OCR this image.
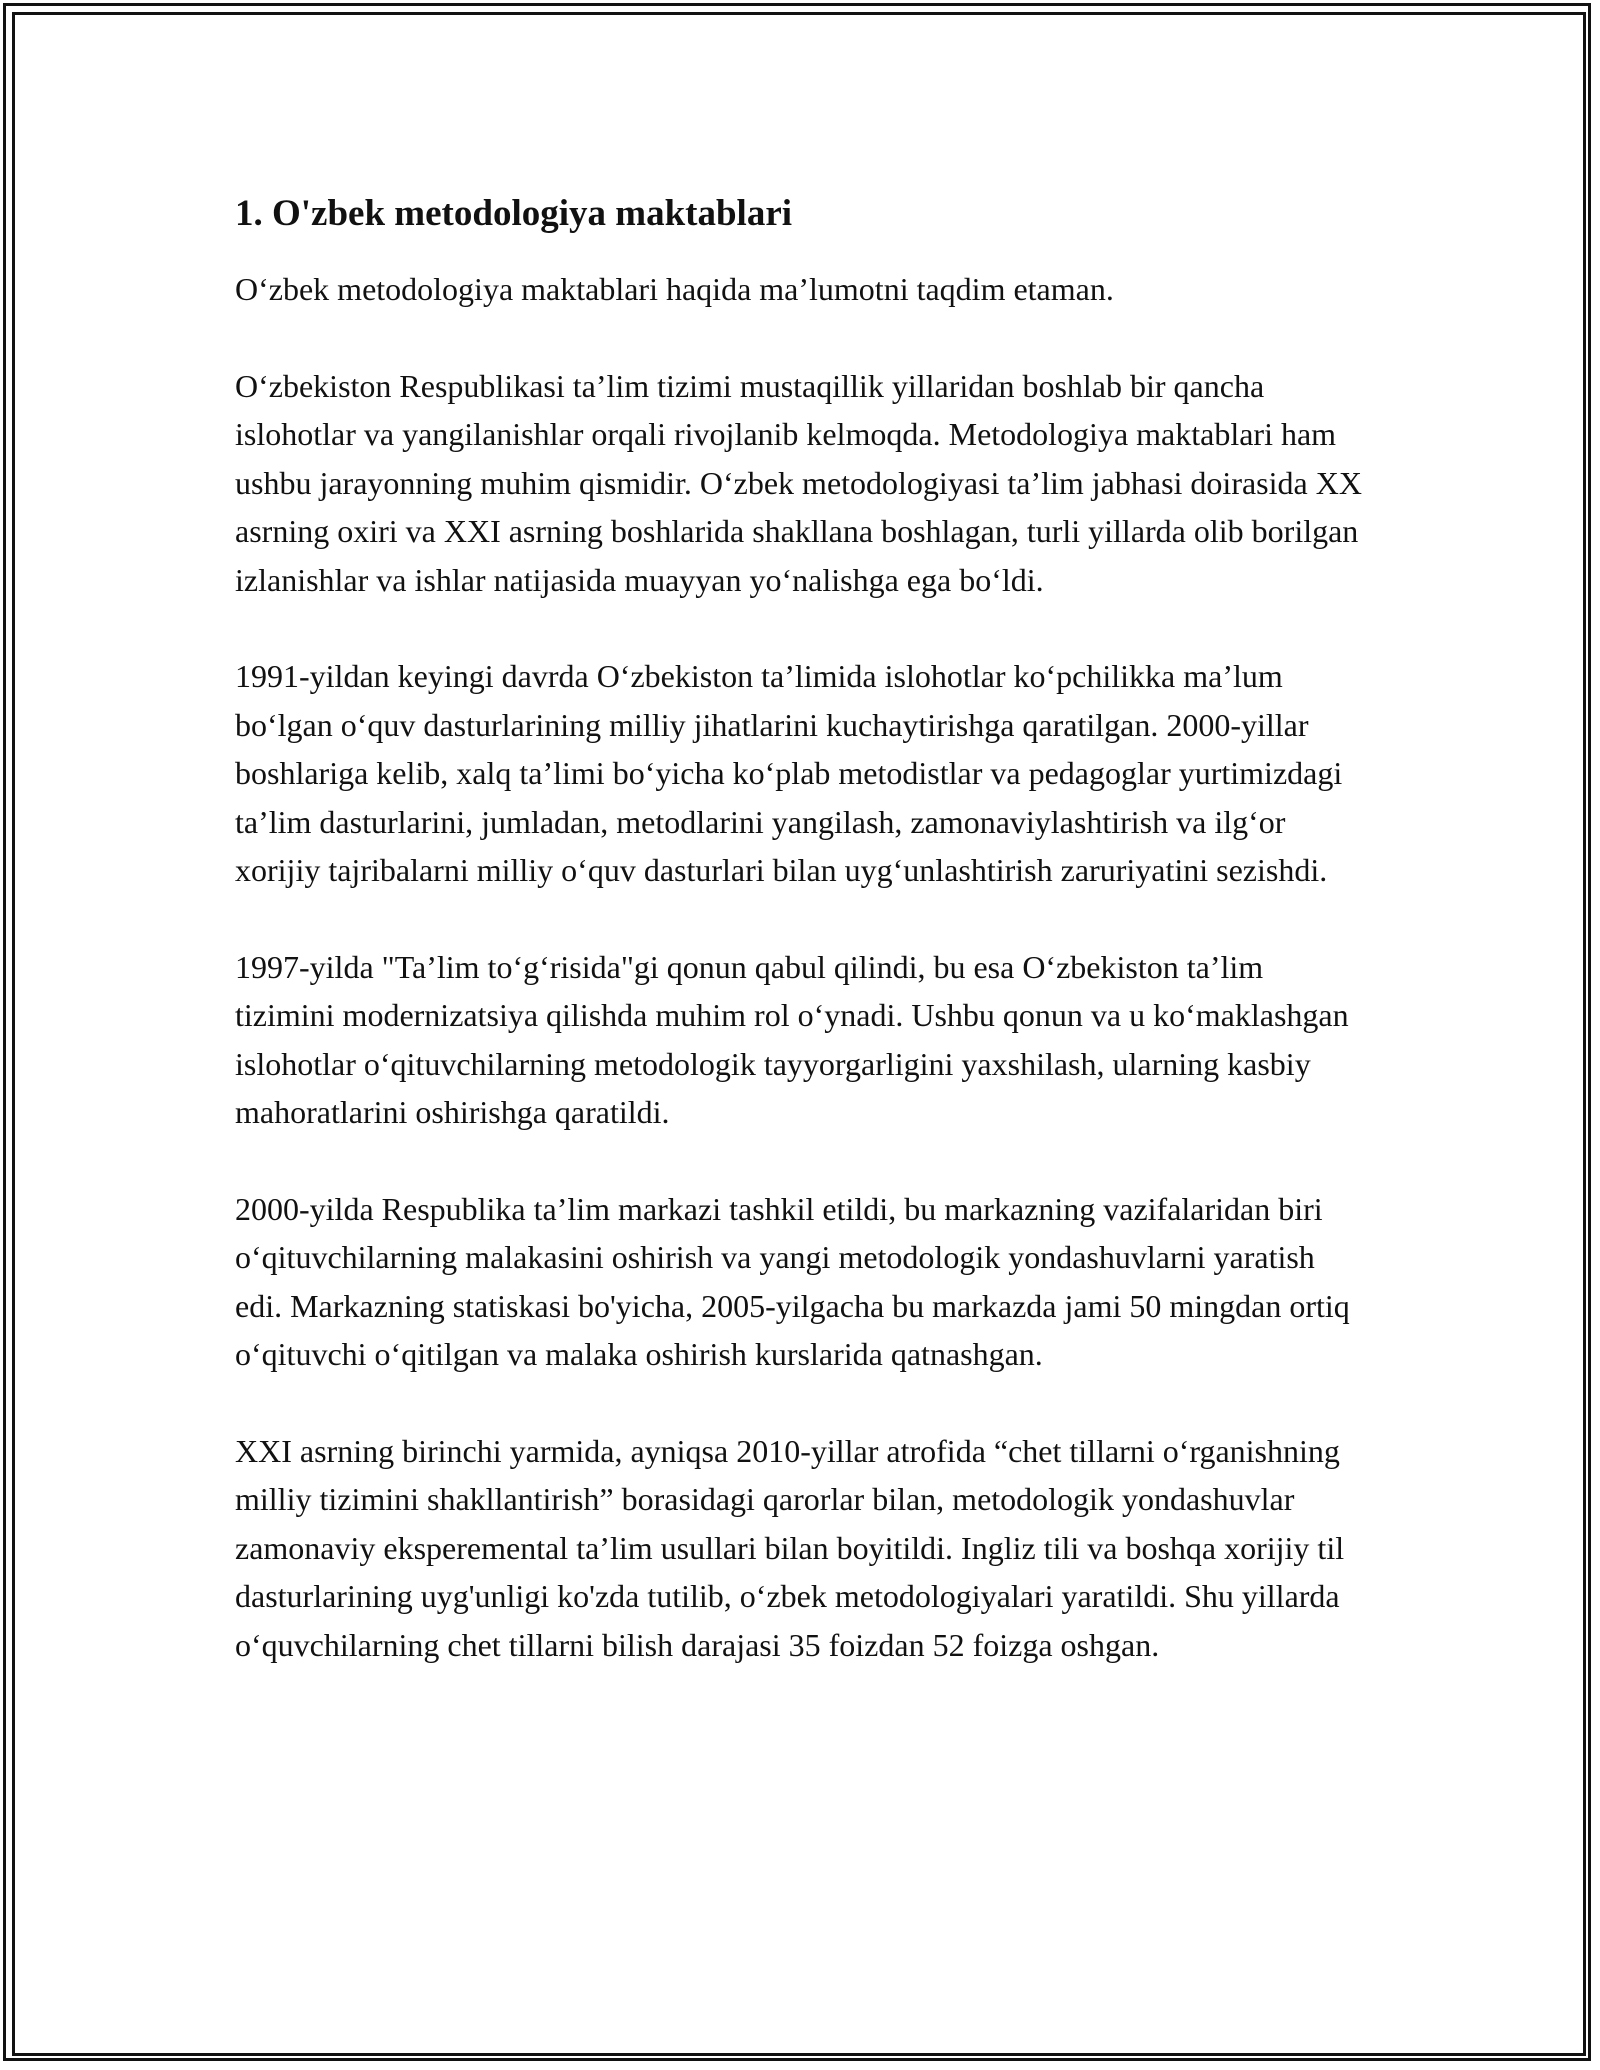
1. O'zbek metodologiya maktablari

O‘zbek metodologiya maktablari haqida ma’lumotni taqdim etaman.

O‘zbekiston Respublikasi ta’lim tizimi mustaqillik yillaridan boshlab bir qancha islohotlar va yangilanishlar orqali rivojlanib kelmoqda. Metodologiya maktablari ham ushbu jarayonning muhim qismidir. O‘zbek metodologiyasi ta’lim jabhasi doirasida XX asrning oxiri va XXI asrning boshlarida shakllana boshlagan, turli yillarda olib borilgan izlanishlar va ishlar natijasida muayyan yo‘nalishga ega bo‘ldi.

1991-yildan keyingi davrda O‘zbekiston ta’limida islohotlar ko‘pchilikka ma’lum bo‘lgan o‘quv dasturlarining milliy jihatlarini kuchaytirishga qaratilgan. 2000-yillar boshlariga kelib, xalq ta’limi bo‘yicha ko‘plab metodistlar va pedagoglar yurtimizdagi ta’lim dasturlarini, jumladan, metodlarini yangilash, zamonaviylashtirish va ilg‘or xorijiy tajribalarni milliy o‘quv dasturlari bilan uyg‘unlashtirish zaruriyatini sezishdi.

1997-yilda "Ta’lim to‘g‘risida"gi qonun qabul qilindi, bu esa O‘zbekiston ta’lim tizimini modernizatsiya qilishda muhim rol o‘ynadi. Ushbu qonun va u ko‘maklashgan islohotlar o‘qituvchilarning metodologik tayyorgarligini yaxshilash, ularning kasbiy mahoratlarini oshirishga qaratildi.

2000-yilda Respublika ta’lim markazi tashkil etildi, bu markazning vazifalaridan biri o‘qituvchilarning malakasini oshirish va yangi metodologik yondashuvlarni yaratish edi. Markazning statiskasi bo'yicha, 2005-yilgacha bu markazda jami 50 mingdan ortiq o‘qituvchi o‘qitilgan va malaka oshirish kurslarida qatnashgan.

XXI asrning birinchi yarmida, ayniqsa 2010-yillar atrofida “chet tillarni o‘rganishning milliy tizimini shakllantirish” borasidagi qarorlar bilan, metodologik yondashuvlar zamonaviy eksperemental ta’lim usullari bilan boyitildi. Ingliz tili va boshqa xorijiy til dasturlarining uyg'unligi ko'zda tutilib, o‘zbek metodologiyalari yaratildi. Shu yillarda o‘quvchilarning chet tillarni bilish darajasi 35 foizdan 52 foizga oshgan.
